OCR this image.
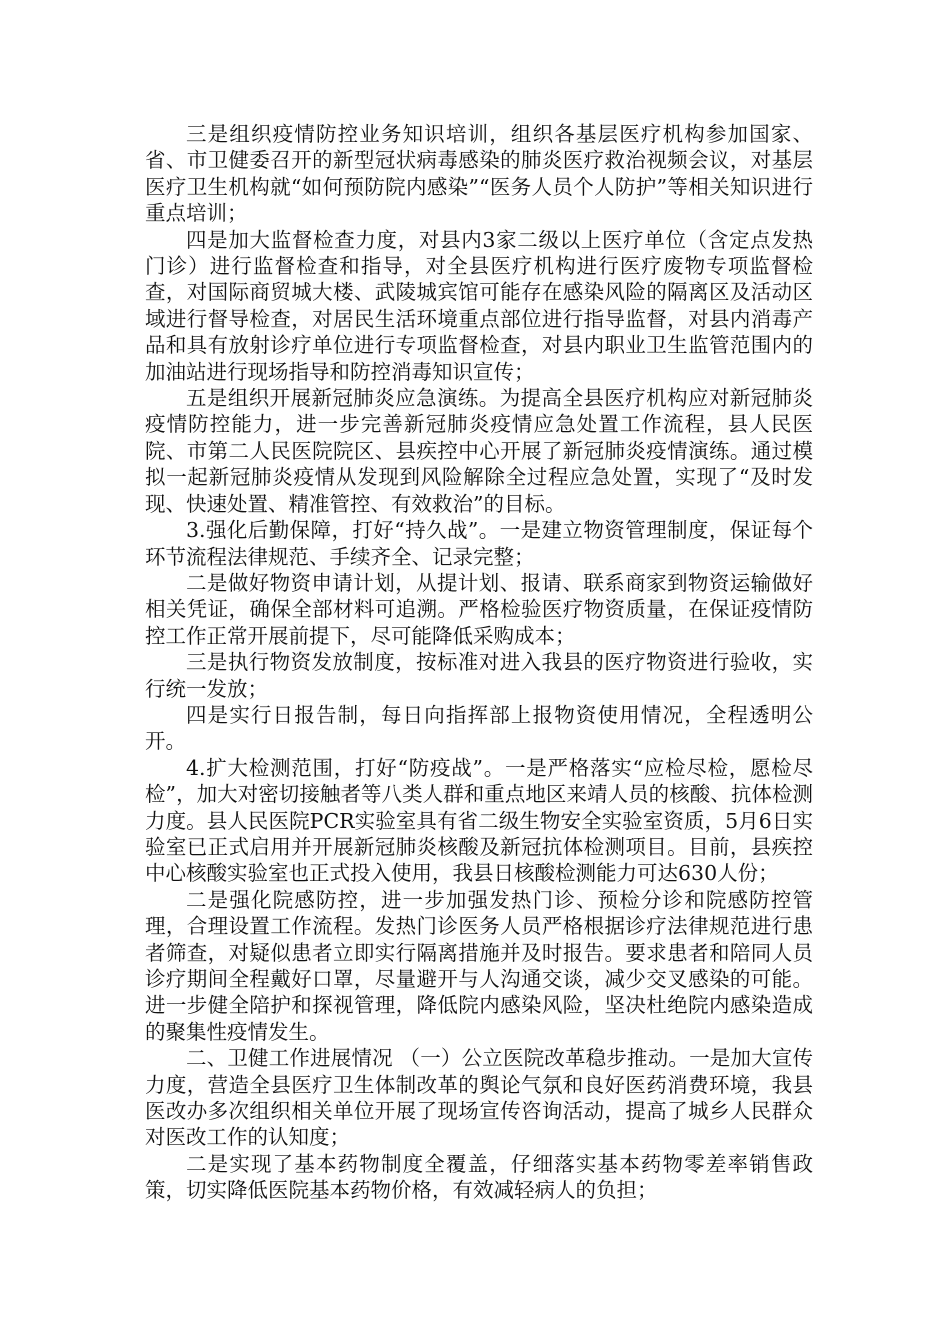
三是组织疫情防控业务知识培训，组织各基层医疗机构参加国家、省、市卫健委召开的新型冠状病毒感染的肺炎医疗救治视频会议，对基层医疗卫生机构就“如何预防院内感染”“医务人员个人防护”等相关知识进行重点培训；

四是加大监督检查力度，对县内3家二级以上医疗单位（含定点发热门诊）进行监督检查和指导，对全县医疗机构进行医疗废物专项监督检查，对国际商贸城大楼、武陵城宾馆可能存在感染风险的隔离区及活动区域进行督导检查，对居民生活环境重点部位进行指导监督，对县内消毒产品和具有放射诊疗单位进行专项监督检查，对县内职业卫生监管范围内的加油站进行现场指导和防控消毒知识宣传；

五是组织开展新冠肺炎应急演练。为提高全县医疗机构应对新冠肺炎疫情防控能力，进一步完善新冠肺炎疫情应急处置工作流程，县人民医院、市第二人民医院院区、县疾控中心开展了新冠肺炎疫情演练。通过模拟一起新冠肺炎疫情从发现到风险解除全过程应急处置，实现了“及时发现、快速处置、精准管控、有效救治”的目标。

3.强化后勤保障，打好“持久战”。一是建立物资管理制度，保证每个环节流程法律规范、手续齐全、记录完整；

二是做好物资申请计划，从提计划、报请、联系商家到物资运输做好相关凭证，确保全部材料可追溯。严格检验医疗物资质量，在保证疫情防控工作正常开展前提下，尽可能降低采购成本；

三是执行物资发放制度，按标准对进入我县的医疗物资进行验收，实行统一发放；

四是实行日报告制，每日向指挥部上报物资使用情况，全程透明公开。

4.扩大检测范围，打好“防疫战”。一是严格落实“应检尽检，愿检尽检”，加大对密切接触者等八类人群和重点地区来靖人员的核酸、抗体检测力度。县人民医院PCR实验室具有省二级生物安全实验室资质，5月6日实验室已正式启用并开展新冠肺炎核酸及新冠抗体检测项目。目前，县疾控中心核酸实验室也正式投入使用，我县日核酸检测能力可达630人份；

二是强化院感防控，进一步加强发热门诊、预检分诊和院感防控管理，合理设置工作流程。发热门诊医务人员严格根据诊疗法律规范进行患者筛查，对疑似患者立即实行隔离措施并及时报告。要求患者和陪同人员诊疗期间全程戴好口罩，尽量避开与人沟通交谈，减少交叉感染的可能。进一步健全陪护和探视管理，降低院内感染风险，坚决杜绝院内感染造成的聚集性疫情发生。

二、卫健工作进展情况 （一）公立医院改革稳步推动。一是加大宣传力度，营造全县医疗卫生体制改革的舆论气氛和良好医药消费环境，我县医改办多次组织相关单位开展了现场宣传咨询活动，提高了城乡人民群众对医改工作的认知度；

二是实现了基本药物制度全覆盖，仔细落实基本药物零差率销售政策，切实降低医院基本药物价格，有效减轻病人的负担；
